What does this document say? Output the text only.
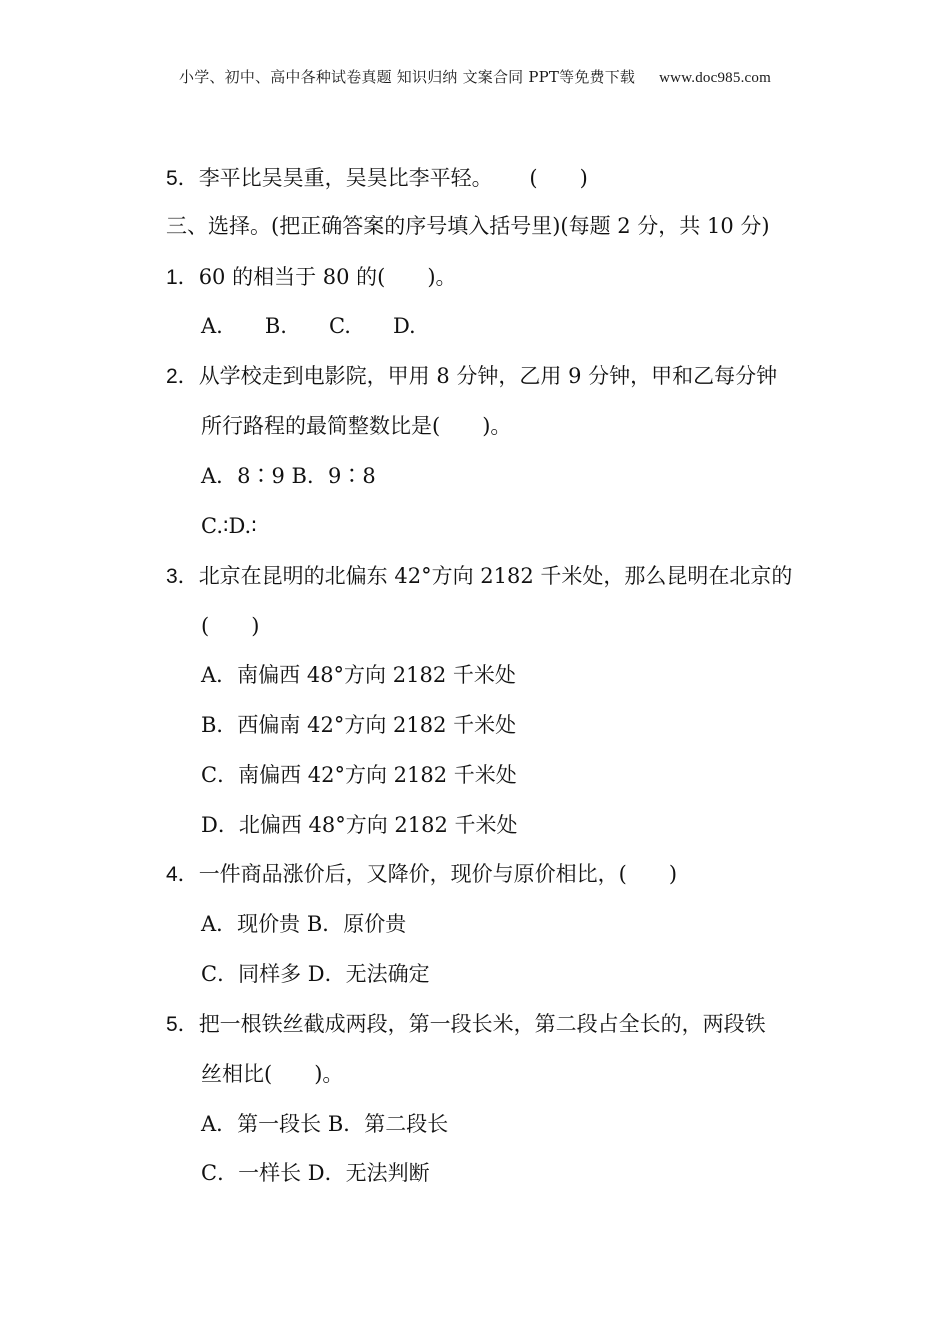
小学、初中、高中各种试卷真题 知识归纳 文案合同 PPT等免费下载 www.doc985.com
5．李平比吴昊重，吴昊比李平轻。 (　　)
三、选择。(把正确答案的序号填入括号里)(每题 2 分，共 10 分)
1．60 的相当于 80 的(　　)。
A.　　B.　　C.　　D.
2．从学校走到电影院，甲用 8 分钟，乙用 9 分钟，甲和乙每分钟
所行路程的最简整数比是(　　)。
A．8∶9 B．9∶8
C.∶D.∶
3．北京在昆明的北偏东 42°方向 2182 千米处，那么昆明在北京的
(　　)
A．南偏西 48°方向 2182 千米处
B．西偏南 42°方向 2182 千米处
C．南偏西 42°方向 2182 千米处
D．北偏西 48°方向 2182 千米处
4．一件商品涨价后，又降价，现价与原价相比，(　　)
A．现价贵 B．原价贵
C．同样多 D．无法确定
5．把一根铁丝截成两段，第一段长米，第二段占全长的，两段铁
丝相比(　　)。
A．第一段长 B．第二段长
C．一样长 D．无法判断
